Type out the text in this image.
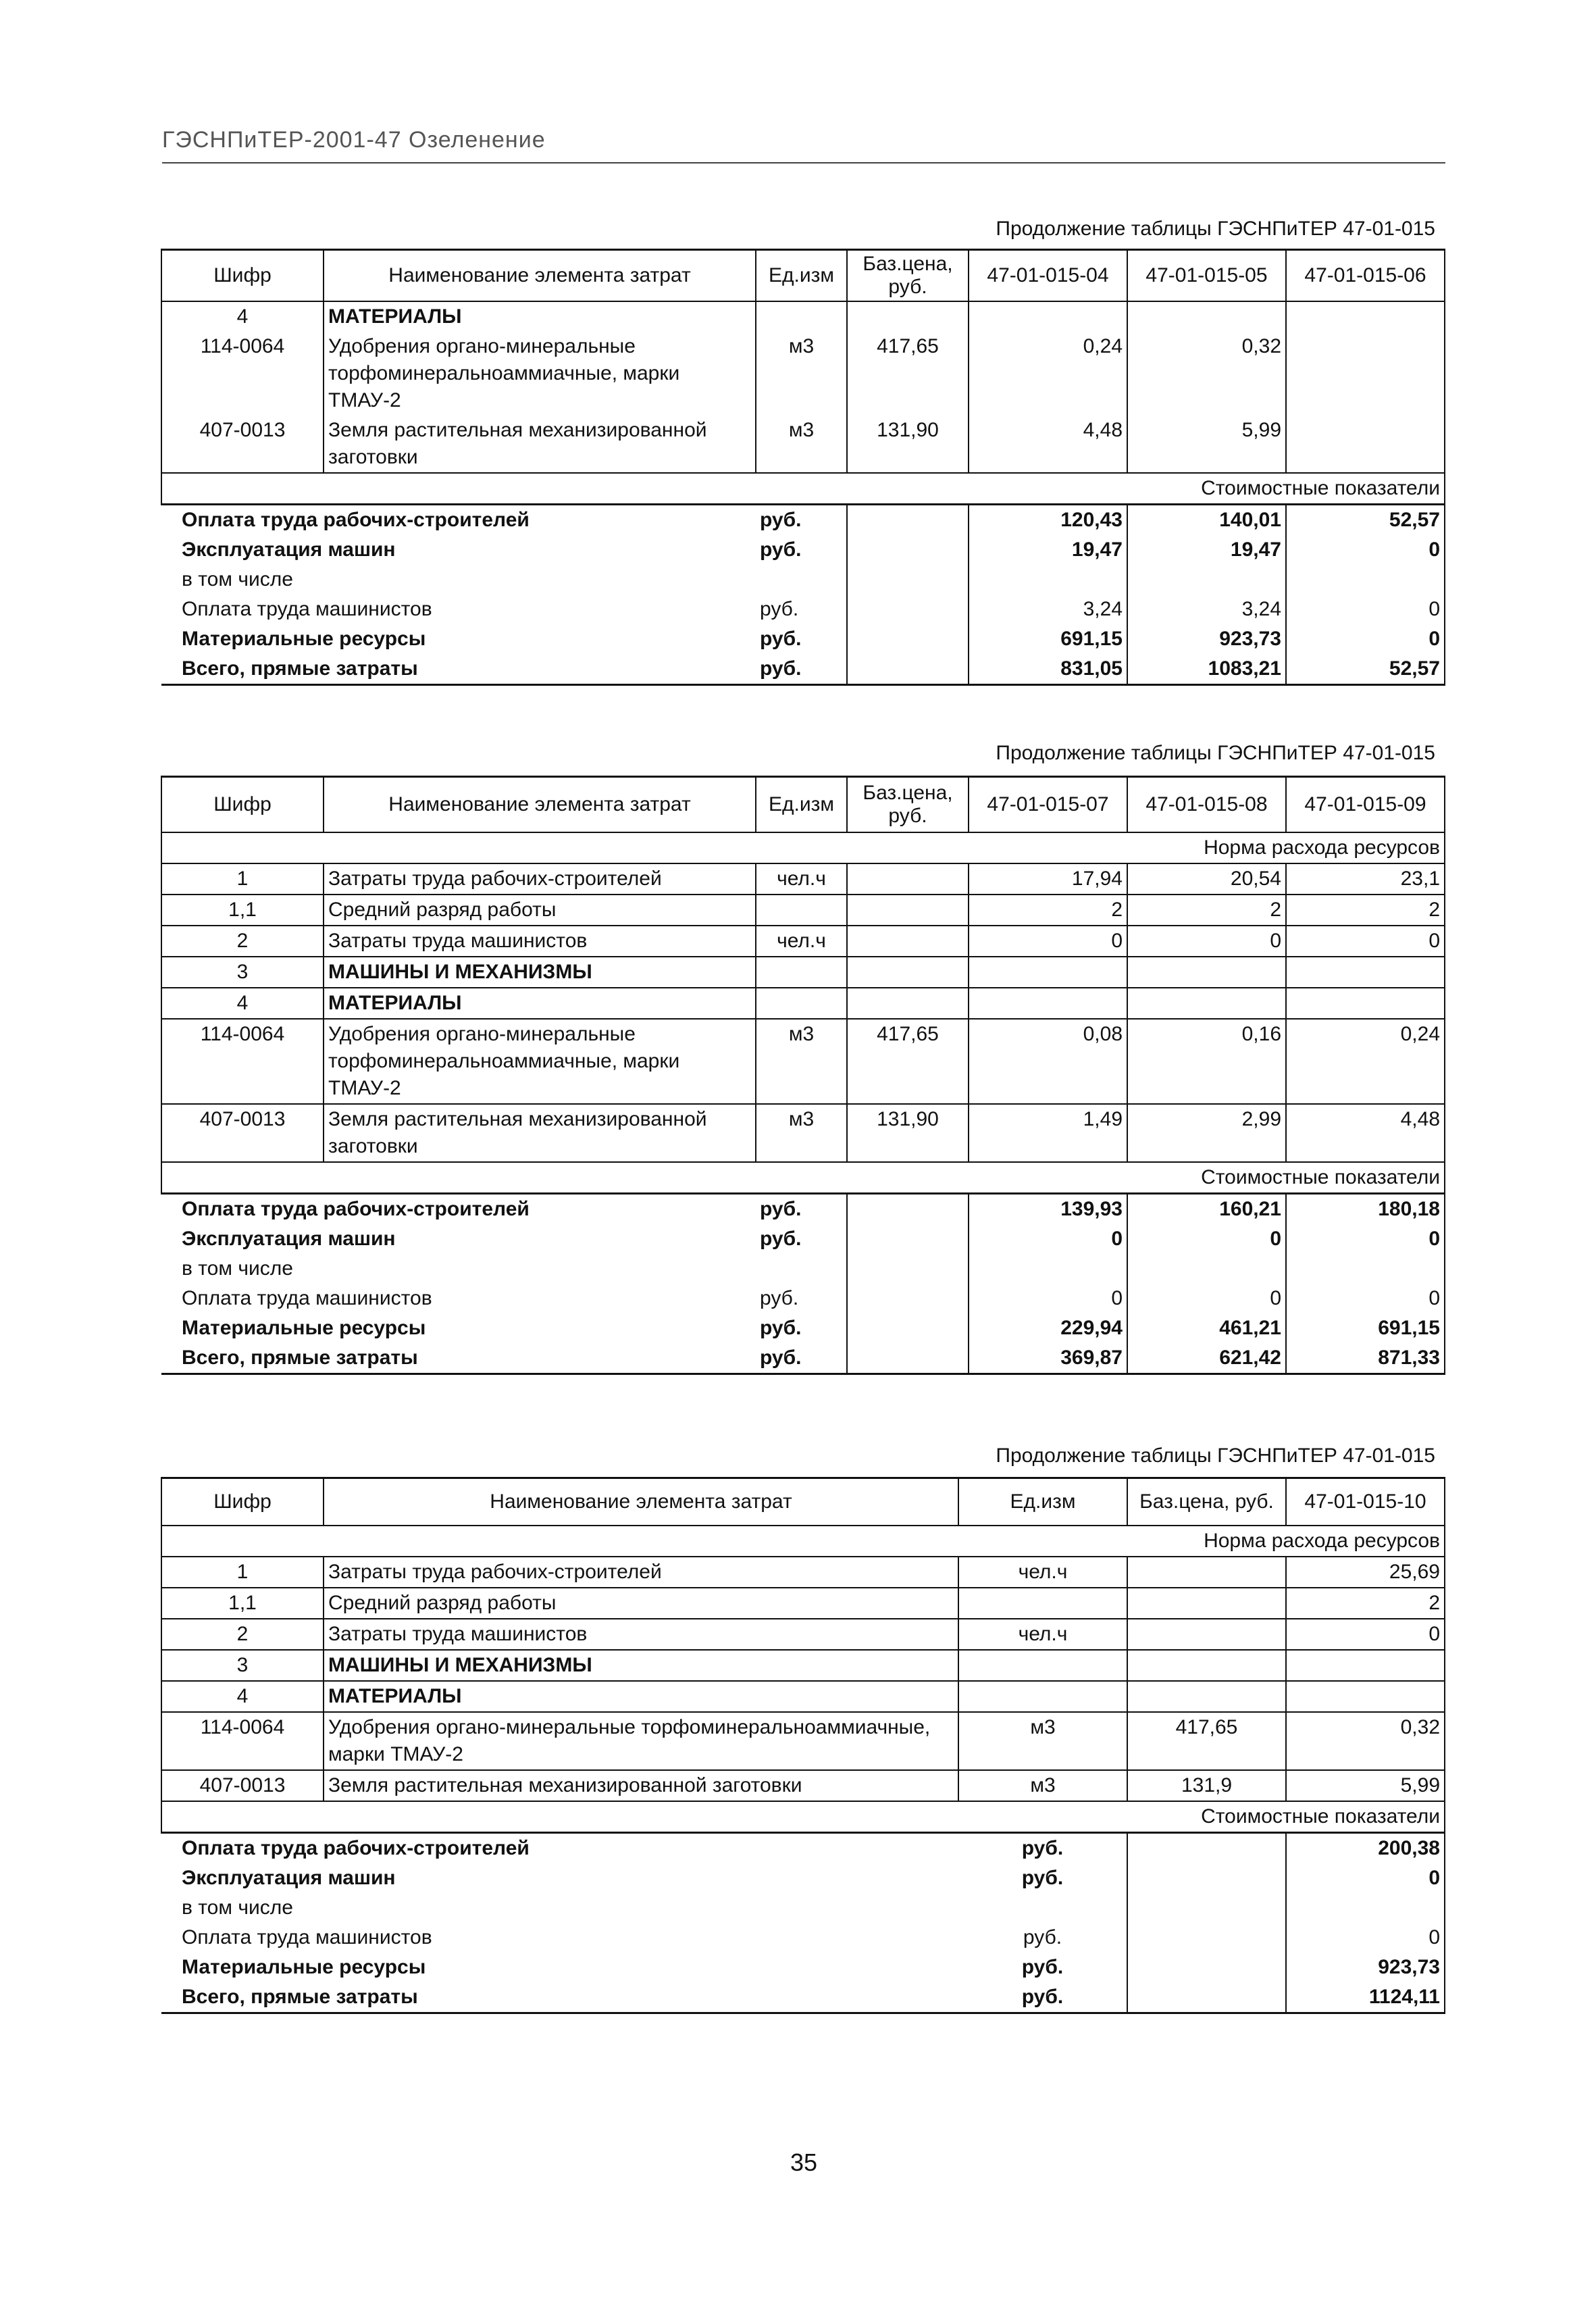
ГЭСНПиТЕР-2001-47 Озеленение
Продолжение таблицы ГЭСНПиТЕР 47-01-015
Шифр	Наименование элемента затрат	Ед.изм	Баз.цена, руб.	47-01-015-04	47-01-015-05	47-01-015-06
4	МАТЕРИАЛЫ					
114-0064	Удобрения органо-минеральные торфоминеральноаммиачные, марки ТМАУ-2	м3	417,65	0,24	0,32	
407-0013	Земля растительная механизированной заготовки	м3	131,90	4,48	5,99	
Стоимостные показатели						
Оплата труда рабочих-строителей		руб.		120,43	140,01	52,57
Эксплуатация машин		руб.		19,47	19,47	0
в том числе						
Оплата труда машинистов		руб.		3,24	3,24	0
Материальные ресурсы		руб.		691,15	923,73	0
Всего, прямые затраты		руб.		831,05	1083,21	52,57
Продолжение таблицы ГЭСНПиТЕР 47-01-015
Шифр	Наименование элемента затрат	Ед.изм	Баз.цена, руб.	47-01-015-07	47-01-015-08	47-01-015-09
Норма расхода ресурсов						
1	Затраты труда рабочих-строителей	чел.ч		17,94	20,54	23,1
1,1	Средний разряд работы			2	2	2
2	Затраты труда машинистов	чел.ч		0	0	0
3	МАШИНЫ И МЕХАНИЗМЫ					
4	МАТЕРИАЛЫ					
114-0064	Удобрения органо-минеральные торфоминеральноаммиачные, марки ТМАУ-2	м3	417,65	0,08	0,16	0,24
407-0013	Земля растительная механизированной заготовки	м3	131,90	1,49	2,99	4,48
Стоимостные показатели						
Оплата труда рабочих-строителей		руб.		139,93	160,21	180,18
Эксплуатация машин		руб.		0	0	0
в том числе						
Оплата труда машинистов		руб.		0	0	0
Материальные ресурсы		руб.		229,94	461,21	691,15
Всего, прямые затраты		руб.		369,87	621,42	871,33
Продолжение таблицы ГЭСНПиТЕР 47-01-015
Шифр	Наименование элемента затрат	Ед.изм	Баз.цена, руб.	47-01-015-10
Норма расхода ресурсов				
1	Затраты труда рабочих-строителей	чел.ч		25,69
1,1	Средний разряд работы			2
2	Затраты труда машинистов	чел.ч		0
3	МАШИНЫ И МЕХАНИЗМЫ			
4	МАТЕРИАЛЫ			
114-0064	Удобрения органо-минеральные торфоминеральноаммиачные, марки ТМАУ-2	м3	417,65	0,32
407-0013	Земля растительная механизированной заготовки	м3	131,9	5,99
Стоимостные показатели				
Оплата труда рабочих-строителей		руб.		200,38
Эксплуатация машин		руб.		0
в том числе				
Оплата труда машинистов		руб.		0
Материальные ресурсы		руб.		923,73
Всего, прямые затраты		руб.		1124,11
35
